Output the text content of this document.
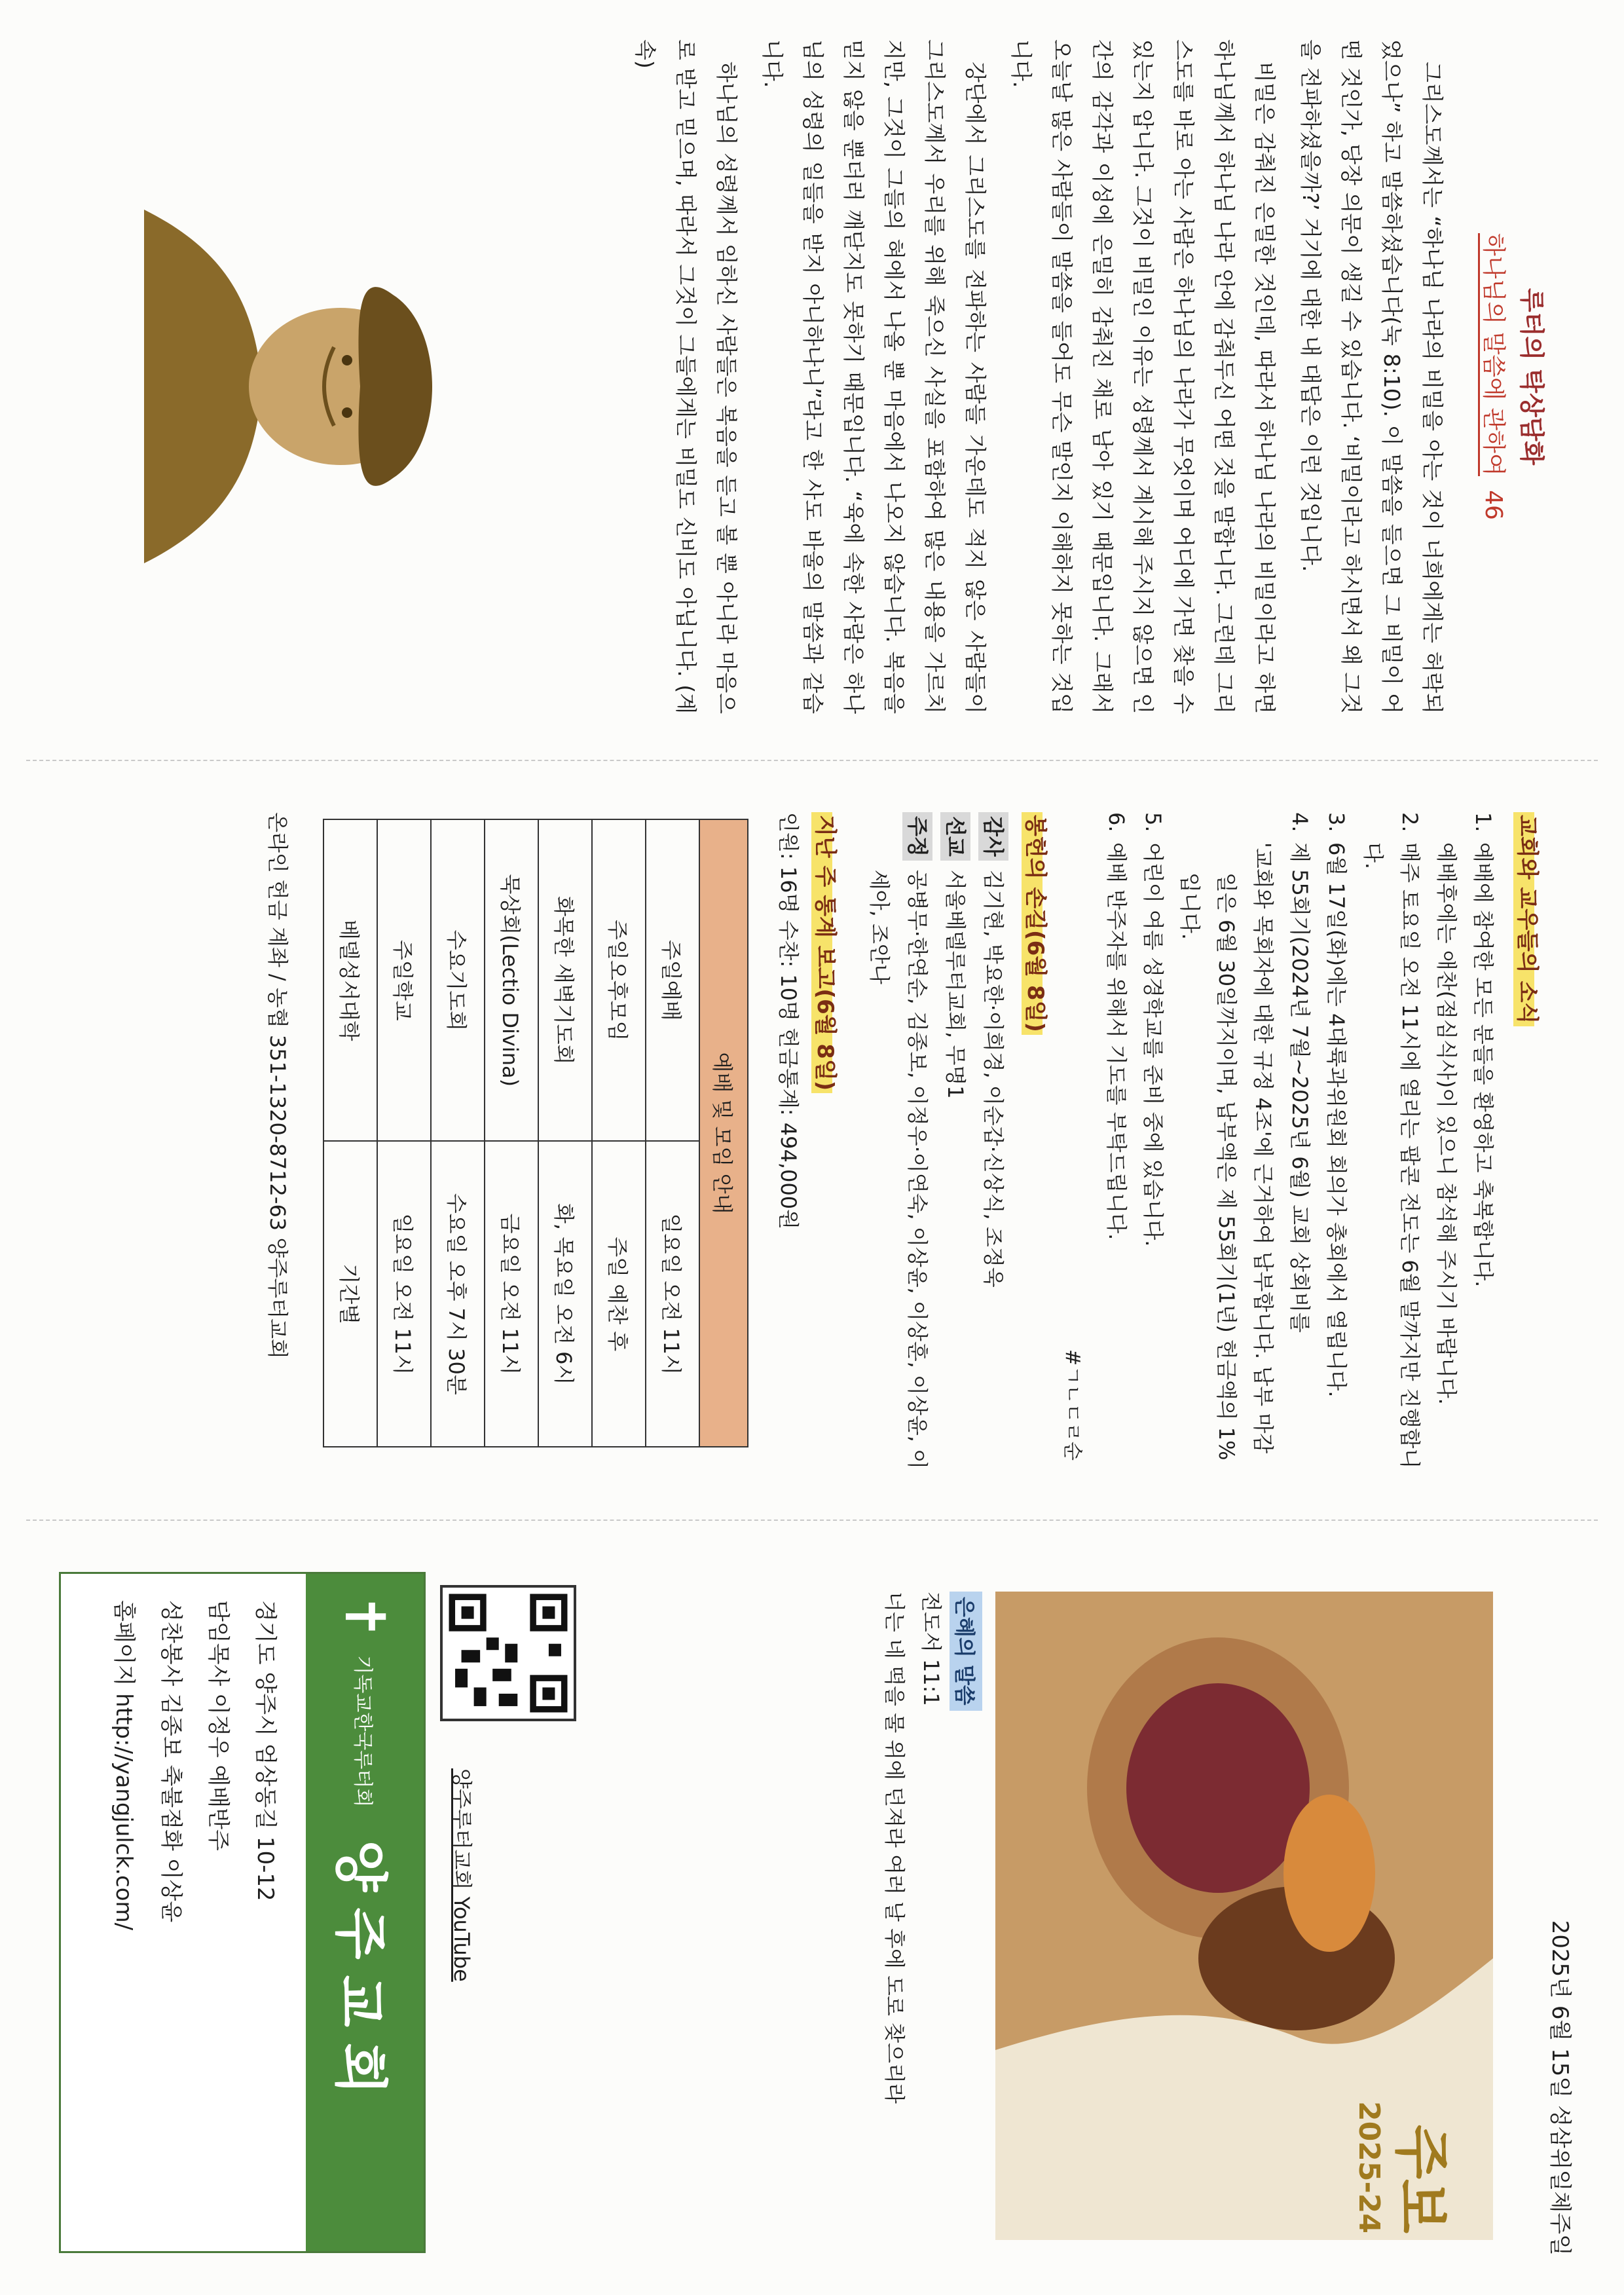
루터의 탁상담화
하나님의 말씀에 관하여 46

그리스도께서는 “하나님 나라의 비밀을 아는 것이 너희에게는 허락되었으나” 하고 말씀하셨습니다(눅 8:10). 이 말씀을 들으면 그 비밀이 어떤 것인가, 당장 의문이 생길 수 있습니다. ‘비밀이라고 하시면서 왜 그것을 전파하셨을까?’ 거기에 대한 내 대답은 이런 것입니다.

비밀은 감춰진 은밀한 것인데, 따라서 하나님 나라의 비밀이라고 하면 하나님께서 하나님 나라 안에 감춰두신 어떤 것을 말합니다. 그런데 그리스도를 바로 아는 사람은 하나님의 나라가 무엇이며 어디에 가면 찾을 수 있는지 압니다. 그것이 비밀인 이유는 성령께서 계시해 주시지 않으면 인간의 감각과 이성에 은밀히 감춰진 채로 남아 있기 때문입니다. 그래서 오늘날 많은 사람들이 말씀을 들어도 무슨 말인지 이해하지 못하는 것입니다.

강단에서 그리스도를 전파하는 사람들 가운데도 적지 않은 사람들이 그리스도께서 우리를 위해 죽으신 사실을 포함하여 많은 내용을 가르치지만, 그것이 그들의 혀에서 나올 뿐 마음에서 나오지 않습니다. 복음을 믿지 않을 뿐더러 깨닫지도 못하기 때문입니다. “육에 속한 사람은 하나님의 성령의 일들을 받지 아니하나니”라고 한 사도 바울의 말씀과 같습니다.

하나님의 성령께서 임하신 사람들은 복음을 듣고 볼 뿐 아니라 마음으로 받고 믿으며, 따라서 그것이 그들에게는 비밀도 신비도 아닙니다. (계속)

교회와 교우들의 소식
1.예배에 참여한 모든 분들을 환영하고 축복합니다.
예배후에는 애찬(점심식사)이 있으니 참석해 주시기 바랍니다.
2.매주 토요일 오전 11시에 열리는 팝콘 전도는 6월 말까지만 진행합니다.
3.6월 17일(화)에는 4대륙과위원회 회의가 총회에서 열립니다.
4.제 55회기(2024년 7월~2025년 6월) 교회 상회비를
'교회와 목회자에 대한 규정 4조'에 근거하여 납부합니다. 납부 마감일은 6월 30일까지이며, 납부액은 제 55회기(1년) 헌금액의 1%입니다.
5.어린이 여름 성경학교를 준비 중에 있습니다.
6.예배 반주자를 위해서 기도를 부탁드립니다.
#ㄱㄴㄷㄹ순
봉헌의 손길(6월 8일)
감사
김기현, 박요한·이희경, 이순갑·신상식, 조정욱
선교
서울베델루터교회, 무명1
주정
공병무·한연순, 김종보, 이정우·이연숙, 이상윤, 이상훈, 이상윤, 이세아, 조안나
지난 주 통계 보고(6월 8일)
인원: 16명 수찬: 10명 헌금통계: 494,000원
예배 및 모임 안내	
주일예배	일요일 오전 11시
주일오후모임	주일 예찬 후
화목한 새벽기도회	화, 목요일 오전 6시
묵상회(Lectio Divina)	금요일 오전 11시
수요기도회	수요일 오후 7시 30분
주일학교	일요일 오전 11시
베델성서대학	기간별
온라인 헌금 계좌 / 농협 351-1320-8712-63 양주루터교회
2025년 6월 15일 성삼위일체주일
주보
2025-24
은혜의 말씀
전도서 11:1
너는 네 떡을 물 위에 던져라 여러 날 후에 도로 찾으리라
양주루터교회 YouTube
✝
기독교한국루터회
양주교회
경기도 양주시 엄상동길 10-12
담임목사 이정우 예배반주
성찬봉사 김종보 축불점화 이상윤
홈페이지 http://yangjulck.com/
